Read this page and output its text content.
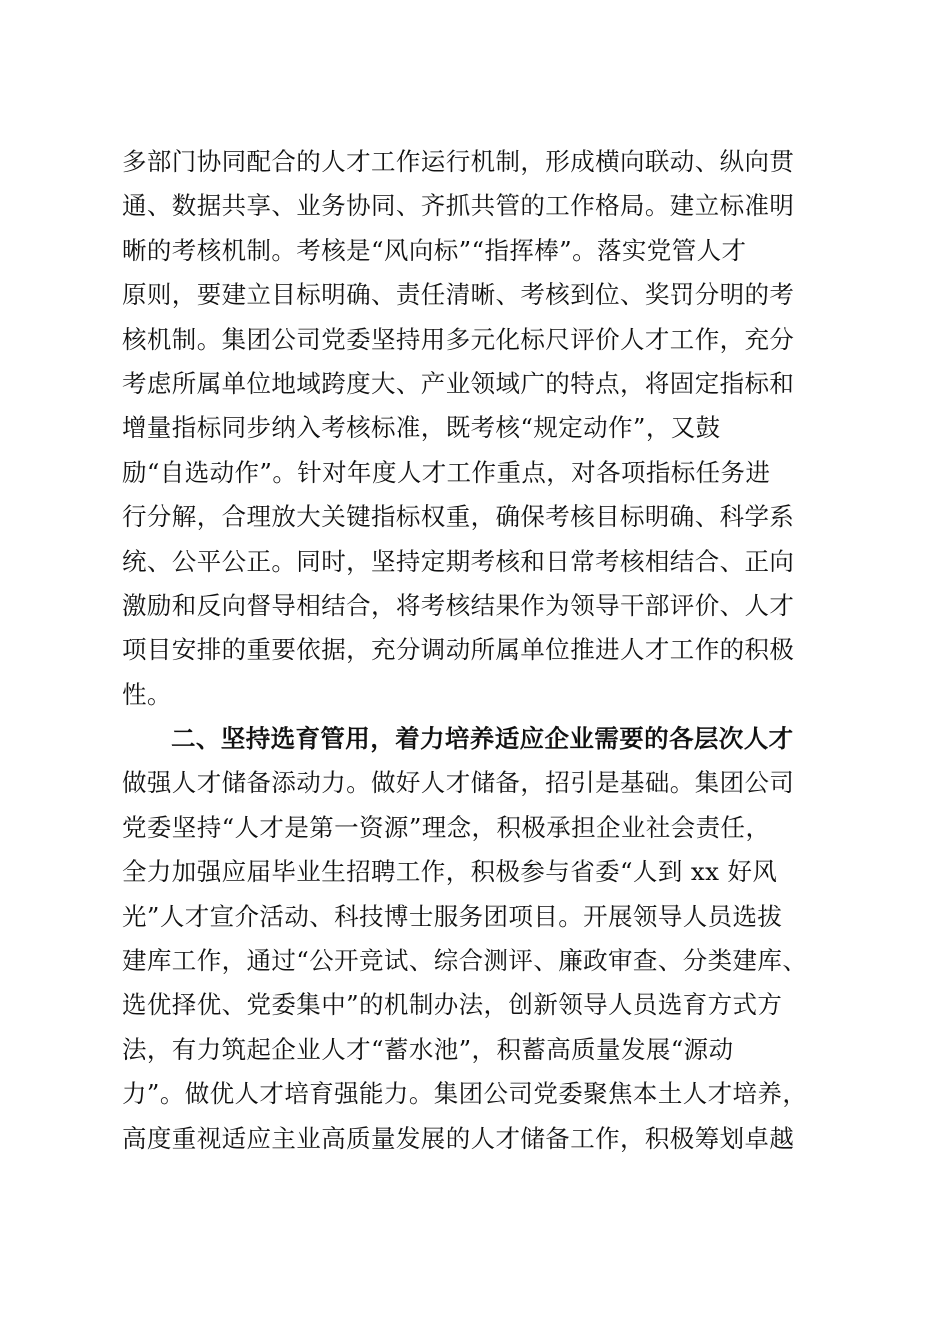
多部门协同配合的人才工作运行机制，形成横向联动、纵向贯
通、数据共享、业务协同、齐抓共管的工作格局。建立标准明
晰的考核机制。考核是“风向标”“指挥棒”。落实党管人才
原则，要建立目标明确、责任清晰、考核到位、奖罚分明的考
核机制。集团公司党委坚持用多元化标尺评价人才工作，充分
考虑所属单位地域跨度大、产业领域广的特点，将固定指标和
增量指标同步纳入考核标准，既考核“规定动作”，又鼓
励“自选动作”。针对年度人才工作重点，对各项指标任务进
行分解，合理放大关键指标权重，确保考核目标明确、科学系
统、公平公正。同时，坚持定期考核和日常考核相结合、正向
激励和反向督导相结合，将考核结果作为领导干部评价、人才
项目安排的重要依据，充分调动所属单位推进人才工作的积极
性。
二、坚持选育管用，着力培养适应企业需要的各层次人才
做强人才储备添动力。做好人才储备，招引是基础。集团公司
党委坚持“人才是第一资源”理念，积极承担企业社会责任，
全力加强应届毕业生招聘工作，积极参与省委“人到 xx 好风
光”人才宣介活动、科技博士服务团项目。开展领导人员选拔
建库工作，通过“公开竞试、综合测评、廉政审查、分类建库、
选优择优、党委集中”的机制办法，创新领导人员选育方式方
法，有力筑起企业人才“蓄水池”，积蓄高质量发展“源动
力”。做优人才培育强能力。集团公司党委聚焦本土人才培养，
高度重视适应主业高质量发展的人才储备工作，积极筹划卓越
